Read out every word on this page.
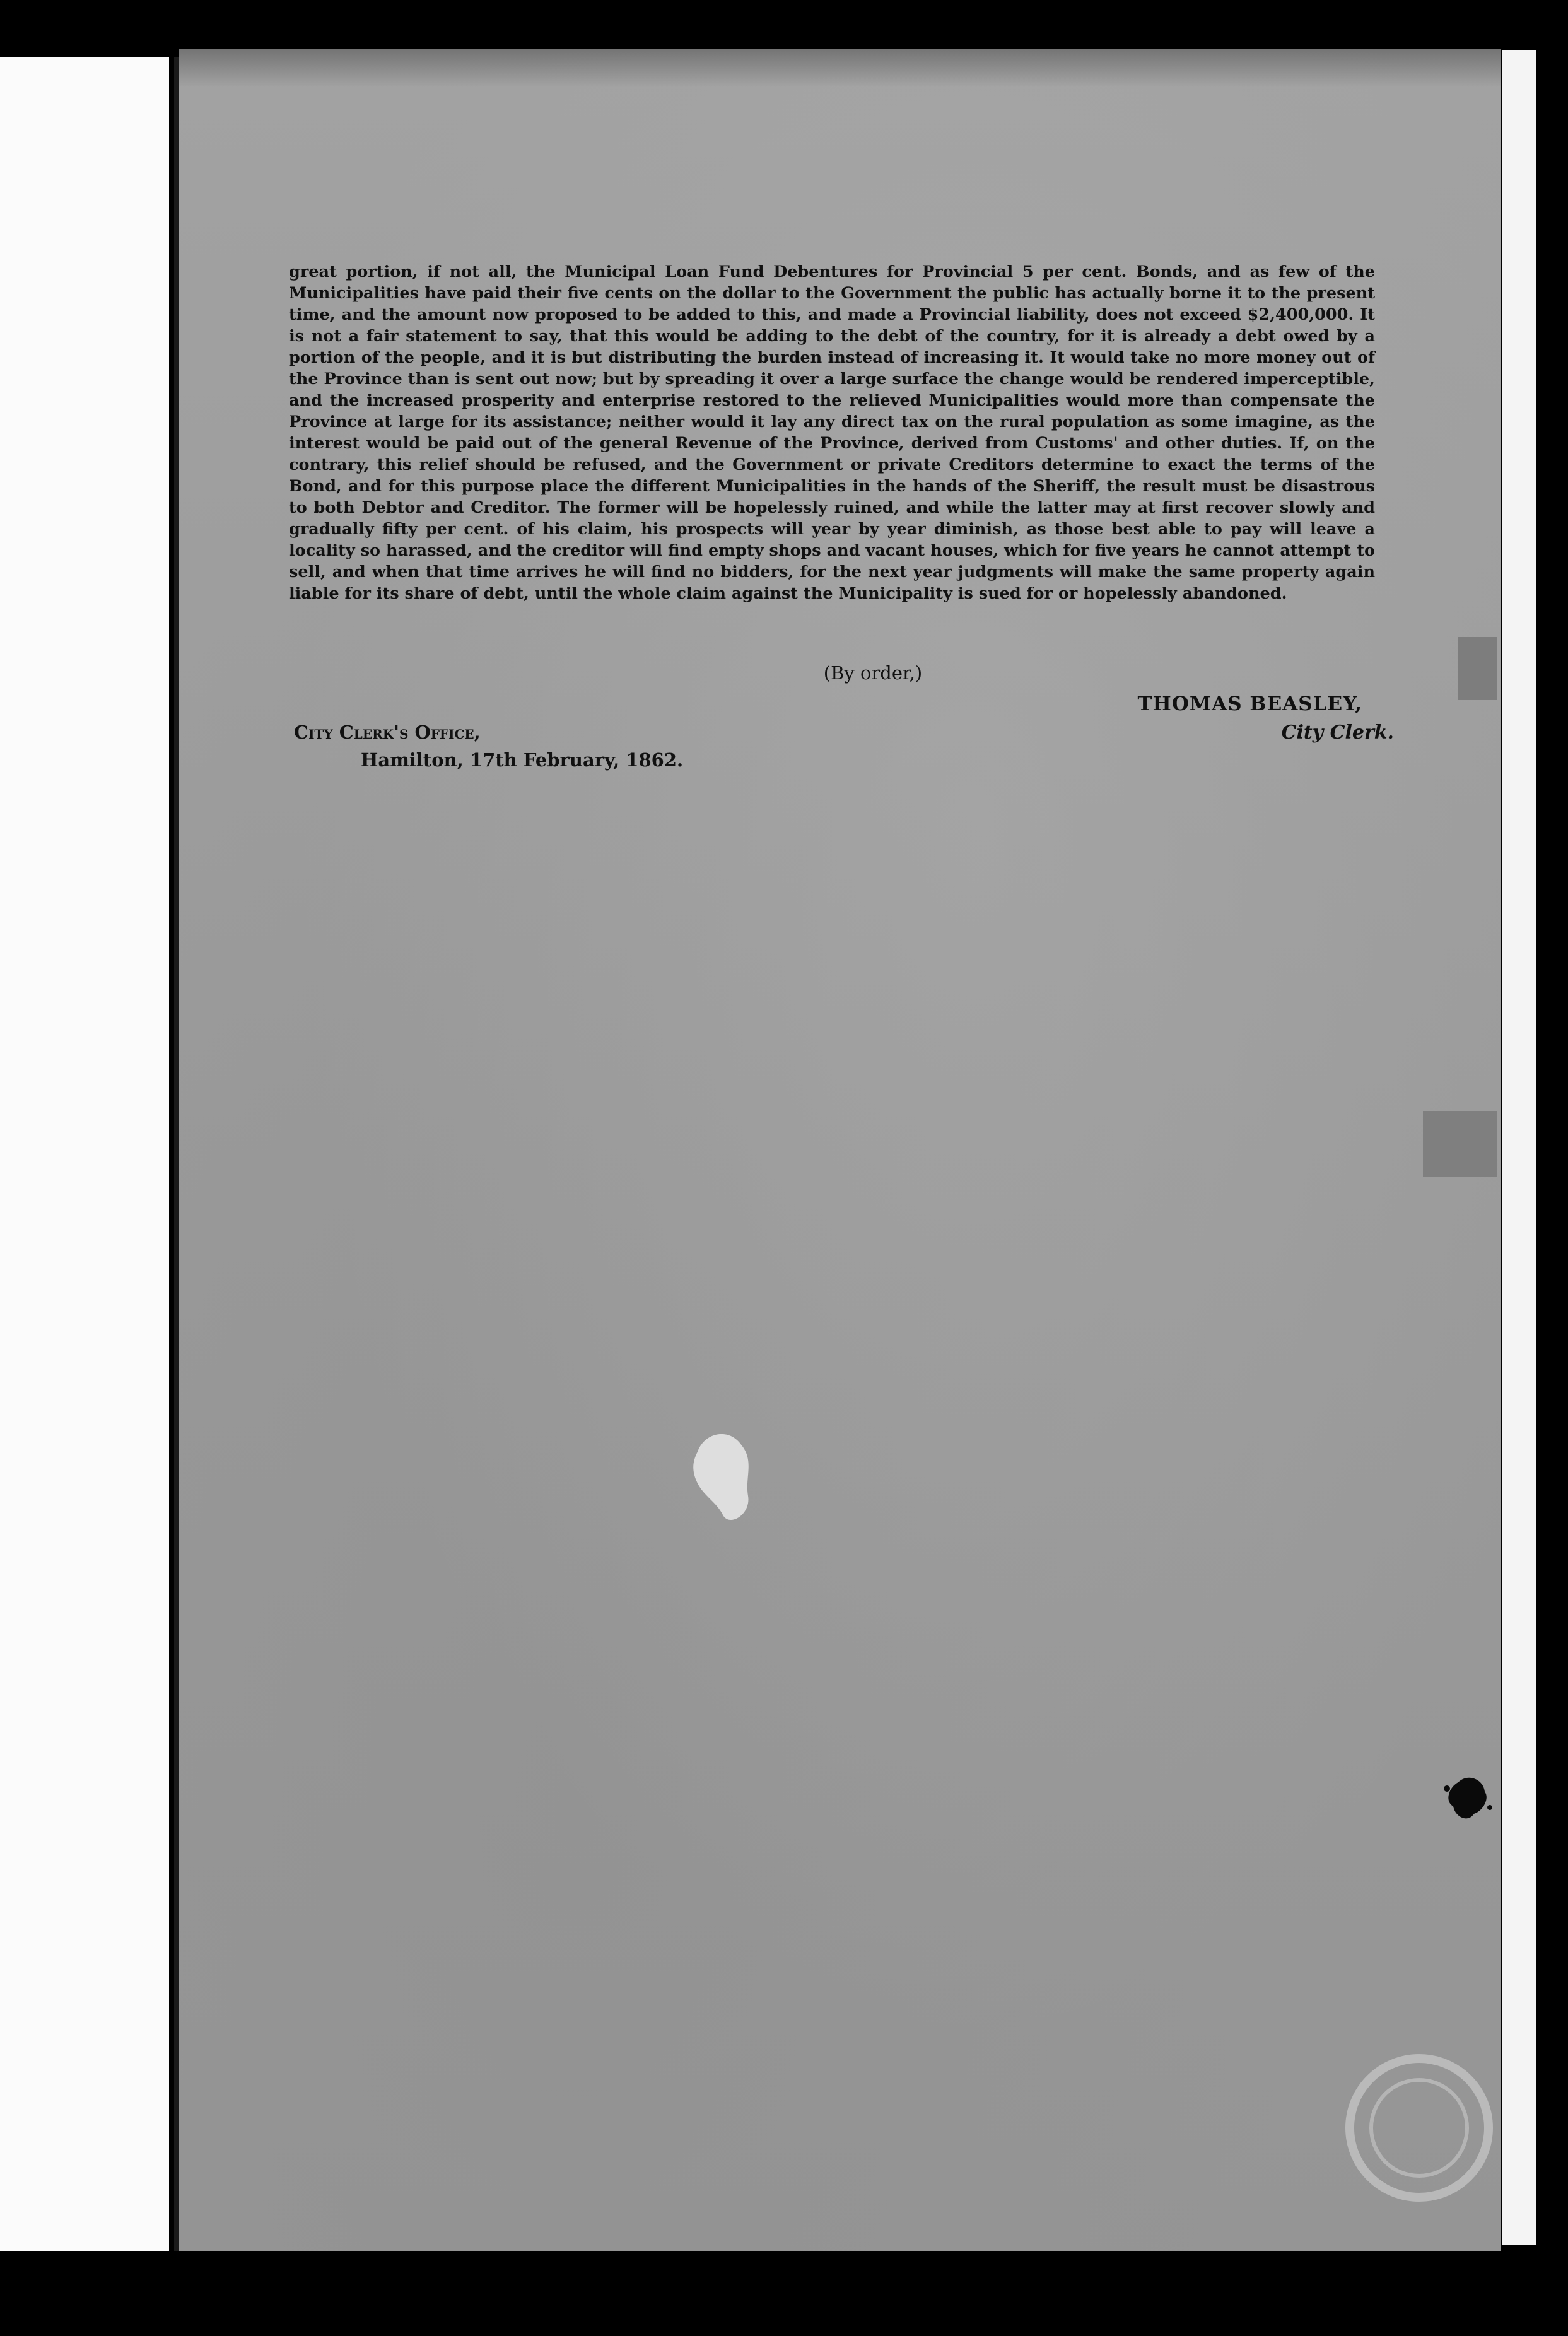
great portion, if not all, the Municipal Loan Fund Debentures for Provincial 5 per cent. Bonds, and as few of the Municipalities have paid their five cents on the dollar to the Government the public has actually borne it to the present time, and the amount now proposed to be added to this, and made a Provincial liability, does not exceed $2,400,000. It is not a fair statement to say, that this would be adding to the debt of the country, for it is already a debt owed by a portion of the people, and it is but distributing the burden instead of increasing it. It would take no more money out of the Province than is sent out now; but by spreading it over a large surface the change would be rendered imperceptible, and the increased prosperity and enterprise restored to the relieved Municipalities would more than compensate the Province at large for its assistance; neither would it lay any direct tax on the rural population as some imagine, as the interest would be paid out of the general Revenue of the Province, derived from Customs' and other duties. If, on the contrary, this relief should be refused, and the Government or private Creditors determine to exact the terms of the Bond, and for this purpose place the different Municipalities in the hands of the Sheriff, the result must be disastrous to both Debtor and Creditor. The former will be hopelessly ruined, and while the latter may at first recover slowly and gradually fifty per cent. of his claim, his prospects will year by year diminish, as those best able to pay will leave a locality so harassed, and the creditor will find empty shops and vacant houses, which for five years he cannot attempt to sell, and when that time arrives he will find no bidders, for the next year judgments will make the same property again liable for its share of debt, until the whole claim against the Municipality is sued for or hopelessly abandoned.

(By order,)
THOMAS BEASLEY,
City Clerk.
City Clerk's Office,
Hamilton, 17th February, 1862.
